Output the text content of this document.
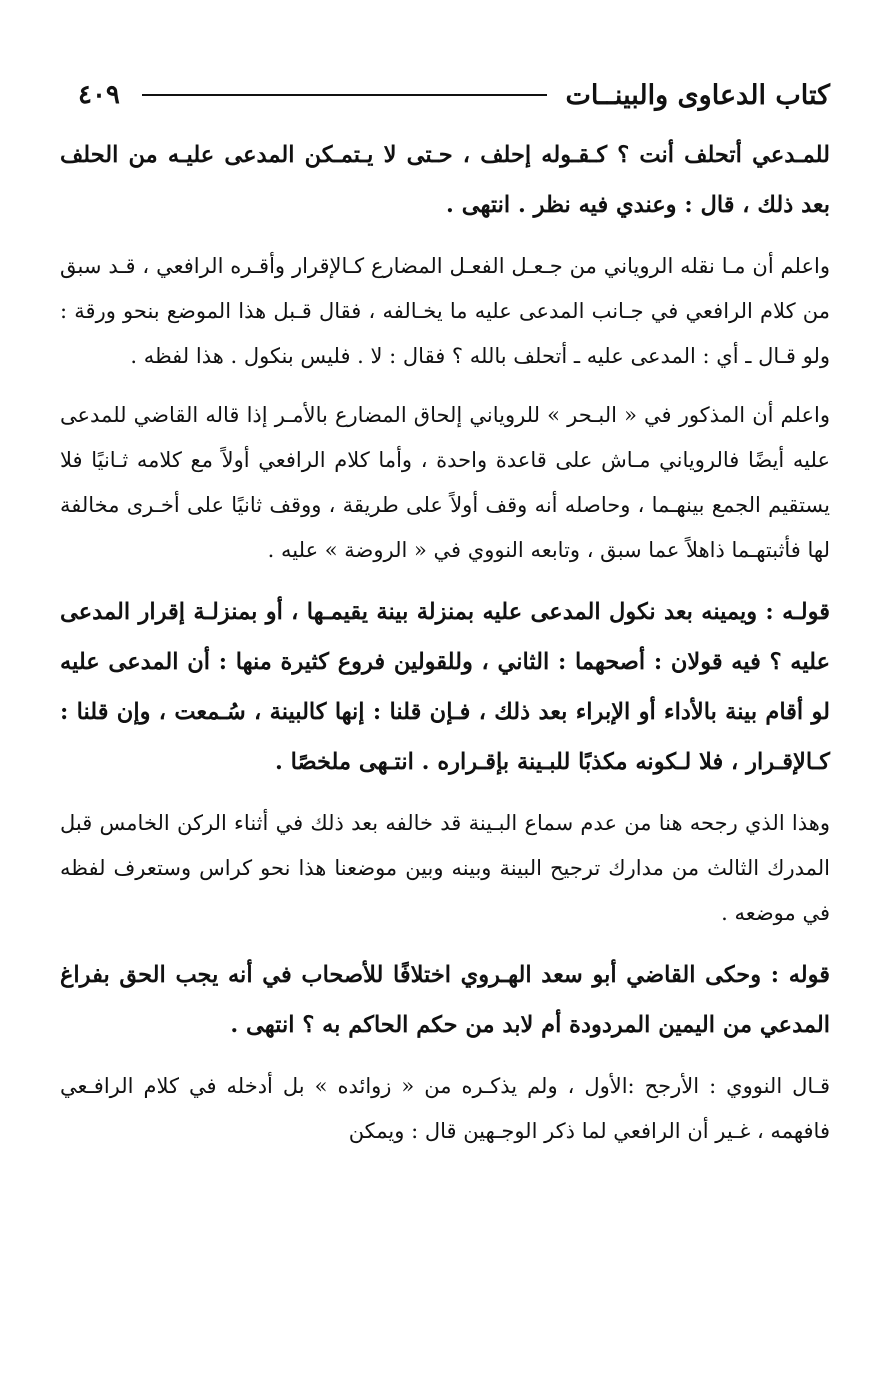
كتاب الدعاوى والبينــات
٤٠٩

للمـدعي أتحلف أنت ؟ كـقـوله إحلف ، حـتى لا يـتمـكن المدعى عليـه من الحلف بعد ذلك ، قال : وعندي فيه نظر . انتهى .

واعلم أن مـا نقله الروياني من جـعـل الفعـل المضارع كـالإقرار وأقـره الرافعي ، قـد سبق من كلام الرافعي في جـانب المدعى عليه ما يخـالفه ، فقال قـبل هذا الموضع بنحو ورقة : ولو قـال ـ أي : المدعى عليه ـ أتحلف بالله ؟ فقال : لا . فليس بنكول . هذا لفظه .

واعلم أن المذكور في « البـحر » للروياني إلحاق المضارع بالأمـر إذا قاله القاضي للمدعى عليه أيضًا فالروياني مـاش على قاعدة واحدة ، وأما كلام الرافعي أولاً مع كلامه ثـانيًا فلا يستقيم الجمع بينهـما ، وحاصله أنه وقف أولاً على طريقة ، ووقف ثانيًا على أخـرى مخالفة لها فأثبتهـما ذاهلاً عما سبق ، وتابعه النووي في « الروضة » عليه .

قولـه : ويمينه بعد نكول المدعى عليه بمنزلة بينة يقيمـها ، أو بمنزلـة إقرار المدعى عليه ؟ فيه قولان : أصحهما : الثاني ، وللقولين فروع كثيرة منها : أن المدعى عليه لو أقام بينة بالأداء أو الإبراء بعد ذلك ، فـإن قلنا : إنها كالبينة ، سُـمعت ، وإن قلنا : كـالإقـرار ، فلا لـكونه مكذبًا للبـينة بإقـراره . انتـهى ملخصًا .

وهذا الذي رجحه هنا من عدم سماع البـينة قد خالفه بعد ذلك في أثناء الركن الخامس قبل المدرك الثالث من مدارك ترجيح البينة وبينه وبين موضعنا هذا نحو كراس وستعرف لفظه في موضعه .

قوله : وحكى القاضي أبو سعد الهـروي اختلافًا للأصحاب في أنه يجب الحق بفراغ المدعي من اليمين المردودة أم لابد من حكم الحاكم به ؟ انتهى .

قـال النووي : الأرجح :الأول ، ولم يذكـره من « زوائده » بل أدخله في كلام الرافـعي فافهمه ، غـير أن الرافعي لما ذكر الوجـهين قال : ويمكن
